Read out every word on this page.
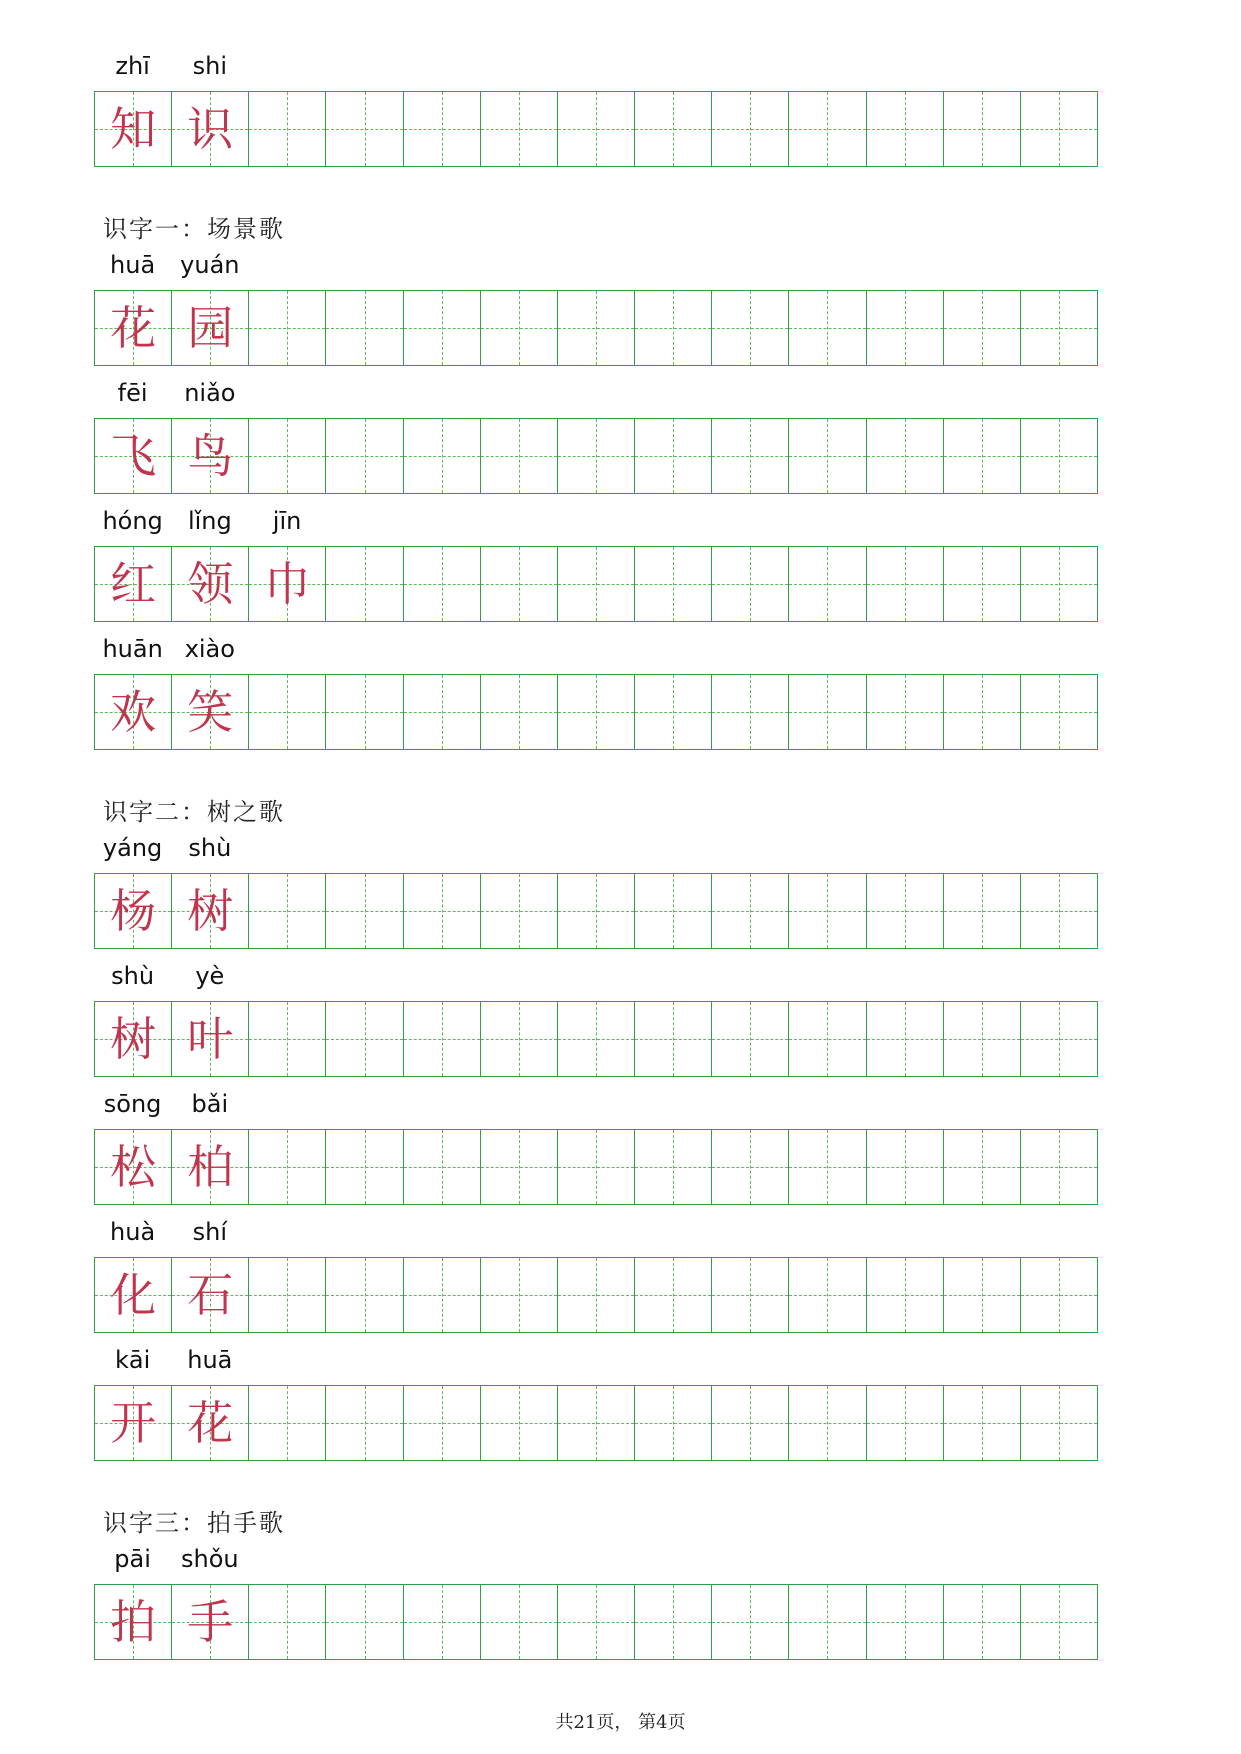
zhī	shi
知 识
识字一：场景歌
huā	yuán
花 园
fēi	niǎo
飞 鸟
hóng	lǐng	jīn
红 领 巾
huān xiào
欢 笑
识字二：树之歌
yáng	shù
杨 树
shù	yè
树 叶
sōng	bǎi
松 柏
huà	shí
化 石
kāi	huā
开 花
识字三：拍手歌
pāi	shǒu
拍 手
共21页， 第4页
